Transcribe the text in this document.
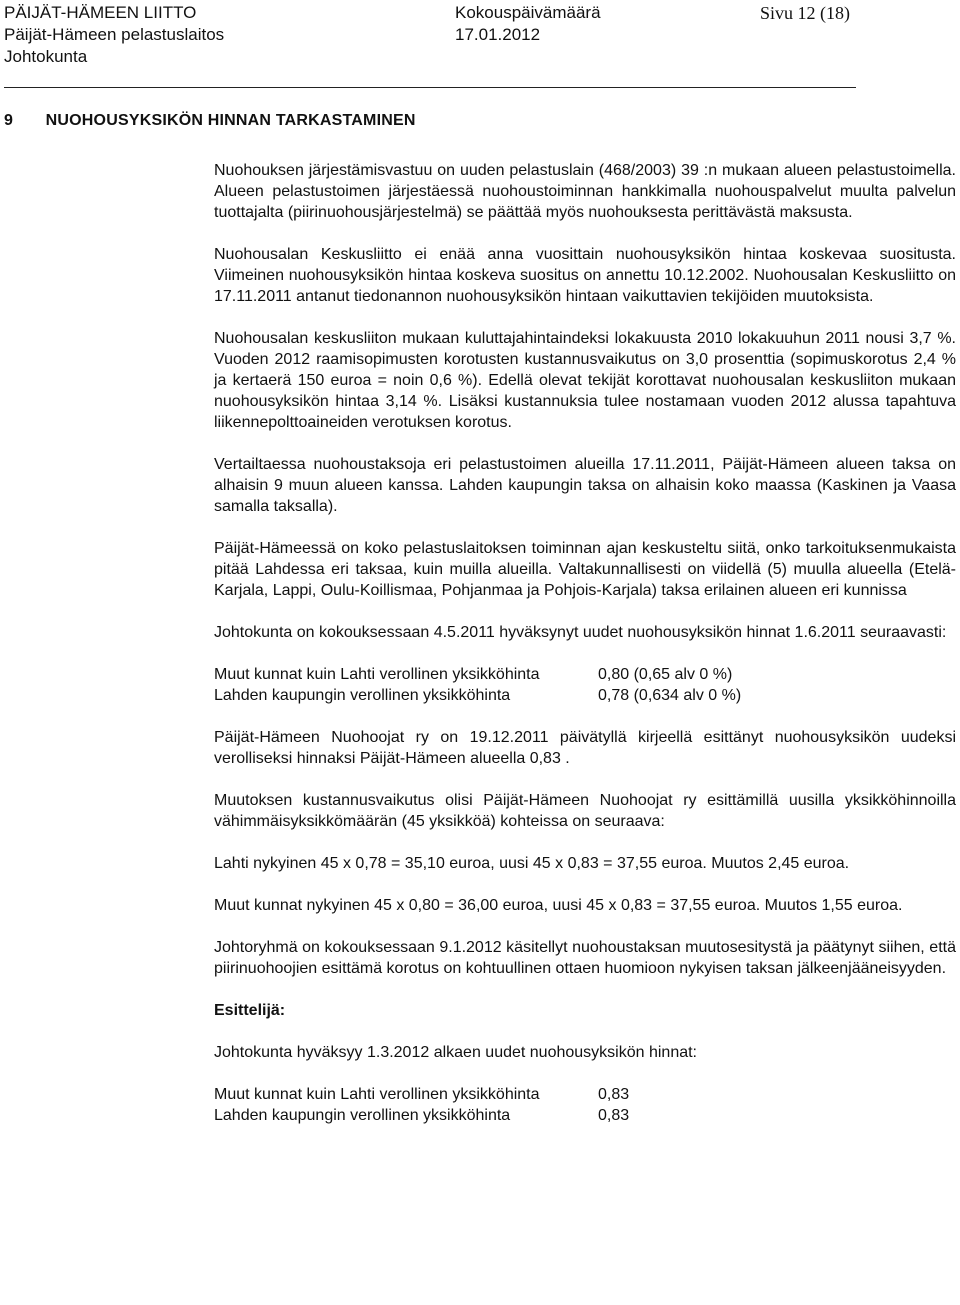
PÄIJÄT-HÄMEEN LIITTO
Päijät-Hämeen pelastuslaitos
Johtokunta
Kokouspäivämäärä
17.01.2012
Sivu 12 (18)
9 NUOHOUSYKSIKÖN HINNAN TARKASTAMINEN

Nuohouksen järjestämisvastuu on uuden pelastuslain (468/2003) 39 :n mukaan alueen pelastustoimella. Alueen pelastustoimen järjestäessä nuohoustoiminnan hankkimalla nuohouspalvelut muulta palvelun tuottajalta (piirinuohousjärjestelmä) se päättää myös nuohouksesta perittävästä maksusta.

Nuohousalan Keskusliitto ei enää anna vuosittain nuohousyksikön hintaa koskevaa suositusta. Viimeinen nuohousyksikön hintaa koskeva suositus on annettu 10.12.2002. Nuohousalan Keskusliitto on 17.11.2011 antanut tiedonannon nuohousyksikön hintaan vaikuttavien tekijöiden muutoksista.

Nuohousalan keskusliiton mukaan kuluttajahintaindeksi lokakuusta 2010 lokakuuhun 2011 nousi 3,7 %. Vuoden 2012 raamisopimusten korotusten kustannusvaikutus on 3,0 prosenttia (sopimuskorotus 2,4 % ja kertaerä 150 euroa = noin 0,6 %). Edellä olevat tekijät korottavat nuohousalan keskusliiton mukaan nuohousyksikön hintaa 3,14 %. Lisäksi kustannuksia tulee nostamaan vuoden 2012 alussa tapahtuva liikennepolttoaineiden verotuksen korotus.

Vertailtaessa nuohoustaksoja eri pelastustoimen alueilla 17.11.2011, Päijät-Hämeen alueen taksa on alhaisin 9 muun alueen kanssa. Lahden kaupungin taksa on alhaisin koko maassa (Kaskinen ja Vaasa samalla taksalla).

Päijät-Hämeessä on koko pelastuslaitoksen toiminnan ajan keskusteltu siitä, onko tarkoituksenmukaista pitää Lahdessa eri taksaa, kuin muilla alueilla. Valtakunnallisesti on viidellä (5) muulla alueella (Etelä-Karjala, Lappi, Oulu-Koillismaa, Pohjanmaa ja Pohjois-Karjala) taksa erilainen alueen eri kunnissa

Johtokunta on kokouksessaan 4.5.2011 hyväksynyt uudet nuohousyksikön hinnat 1.6.2011 seuraavasti:

Muut kunnat kuin Lahti verollinen yksikköhinta	0,80 (0,65 alv 0 %)
Lahden kaupungin verollinen yksikköhinta	0,78 (0,634 alv 0 %)

Päijät-Hämeen Nuohoojat ry on 19.12.2011 päivätyllä kirjeellä esittänyt nuohousyksikön uudeksi verolliseksi hinnaksi Päijät-Hämeen alueella 0,83 .

Muutoksen kustannusvaikutus olisi Päijät-Hämeen Nuohoojat ry esittämillä uusilla yksikköhinnoilla vähimmäisyksikkömäärän (45 yksikköä) kohteissa on seuraava:

Lahti nykyinen 45 x 0,78 = 35,10 euroa, uusi 45 x 0,83 = 37,55 euroa. Muutos 2,45 euroa.

Muut kunnat nykyinen 45 x 0,80 = 36,00 euroa, uusi 45 x 0,83 = 37,55 euroa. Muutos 1,55 euroa.

Johtoryhmä on kokouksessaan 9.1.2012 käsitellyt nuohoustaksan muutosesitystä ja päätynyt siihen, että piirinuohoojien esittämä korotus on kohtuullinen ottaen huomioon nykyisen taksan jälkeenjääneisyyden.

Esittelijä:

Johtokunta hyväksyy 1.3.2012 alkaen uudet nuohousyksikön hinnat:

Muut kunnat kuin Lahti verollinen yksikköhinta	0,83
Lahden kaupungin verollinen yksikköhinta	0,83
